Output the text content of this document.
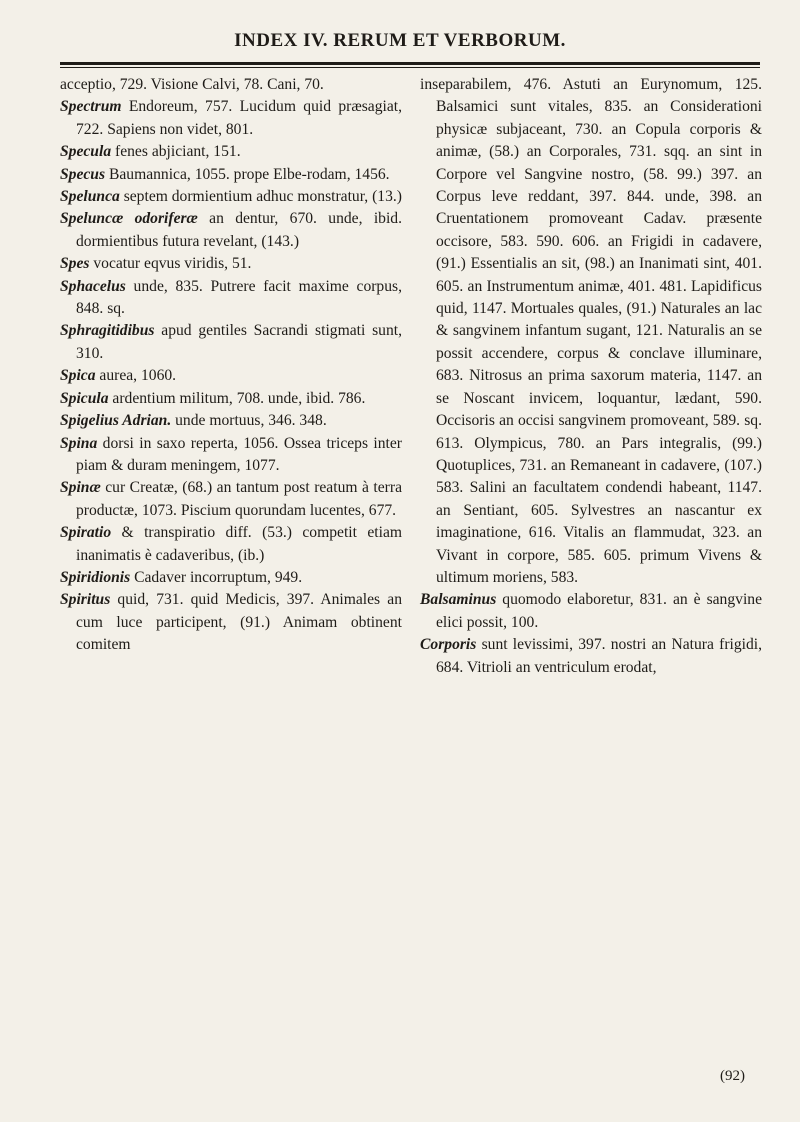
INDEX IV. RERUM ET VERBORUM.
acceptio, 729. Visione Calvi, 78. Cani, 70.
Spectrum Endoreum, 757. Lucidum quid præsagiat, 722. Sapiens non videt, 801.
Specula fenes abjiciant, 151.
Specus Baumannica, 1055. prope Elbe-rodam, 1456.
Spelunca septem dormientium adhuc monstratur, (13.)
Speluncæ odoriferæ an dentur, 670. unde, ibid. dormientibus futura revelant, (143.)
Spes vocatur eqvus viridis, 51.
Sphacelus unde, 835. Putrere facit maxime corpus, 848. sq.
Sphragitidibus apud gentiles Sacrandi stigmati sunt, 310.
Spica aurea, 1060.
Spicula ardentium militum, 708. unde, ibid. 786.
Spigelius Adrian. unde mortuus, 346. 348.
Spina dorsi in saxo reperta, 1056. Ossea triceps inter piam & duram meningem, 1077.
Spinæ cur Creatæ, (68.) an tantum post reatum à terra productæ, 1073. Piscium quorundam lucentes, 677.
Spiratio & transpiratio diff. (53.) competit etiam inanimatis è cadaveribus, (ib.)
Spiridionis Cadaver incorruptum, 949.
Spiritus quid, 731. quid Medicis, 397. Animales an cum luce participent, (91.) Animam obtinent comitem
inseparabilem, 476. Astuti an Eurynomum, 125. Balsamici sunt vitales, 835. an Considerationi physicæ subjaceant, 730. an Copula corporis & animæ, (58.) an Corporales, 731. sqq. an sint in Corpore vel Sangvine nostro, (58. 99.) 397. an Corpus leve reddant, 397. 844. unde, 398. an Cruentationem promoveant Cadav. præsente occisore, 583. 590. 606. an Frigidi in cadavere, (91.) Essentialis an sit, (98.) an Inanimati sint, 401. 605. an Instrumentum animæ, 401. 481. Lapidificus quid, 1147. Mortuales quales, (91.) Naturales an lac & sangvinem infantum sugant, 121. Naturalis an se possit accendere, corpus & conclave illuminare, 683. Nitrosus an prima saxorum materia, 1147. an se Noscant invicem, loquantur, lædant, 590. Occisoris an occisi sangvinem promoveant, 589. sq. 613. Olympicus, 780. an Pars integralis, (99.) Quotuplices, 731. an Remaneant in cadavere, (107.) 583. Salini an facultatem condendi habeant, 1147. an Sentiant, 605. Sylvestres an nascantur ex imaginatione, 616. Vitalis an flammudat, 323. an Vivant in corpore, 585. 605. primum Vivens & ultimum moriens, 583.
Balsaminus quomodo elaboretur, 831. an è sangvine elici possit, 100.
Corporis sunt levissimi, 397. nostri an Natura frigidi, 684. Vitrioli an ventriculum erodat,
(92)
